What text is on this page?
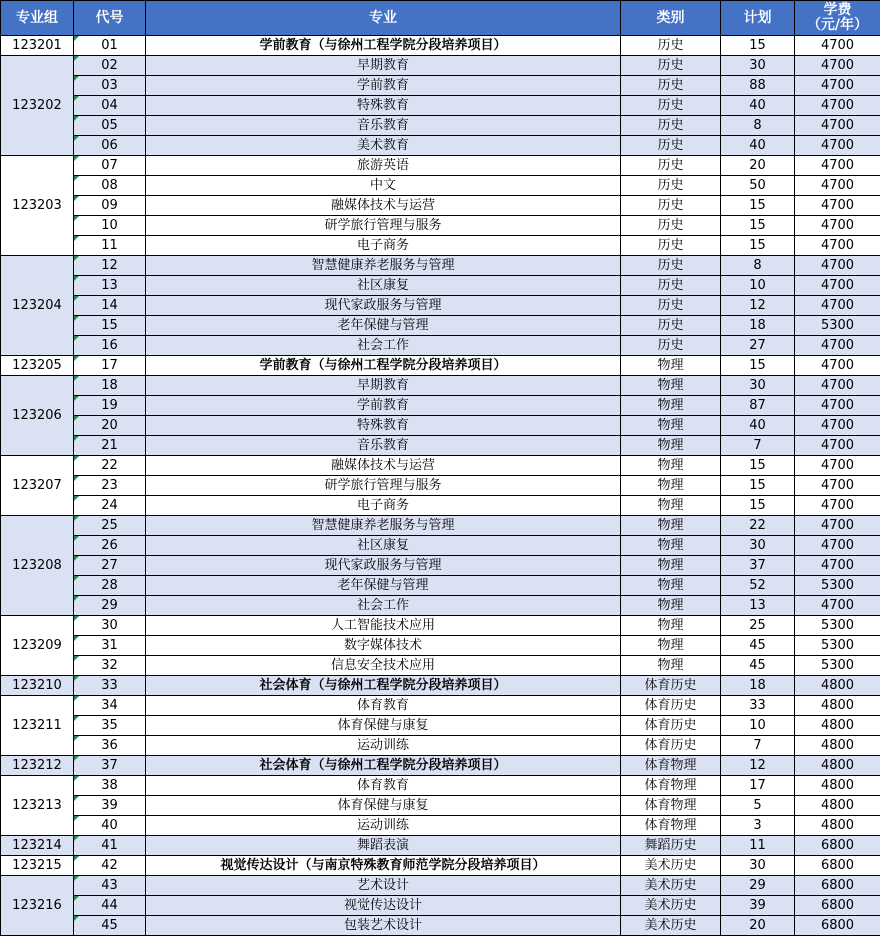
专业组	代号	专业	类别	计划	学费
（元/年）
123201	01	学前教育（与徐州工程学院分段培养项目）	历史	15	4700
123202	02	早期教育	历史	30	4700
	03	学前教育	历史	88	4700
	04	特殊教育	历史	40	4700
	05	音乐教育	历史	8	4700
	06	美术教育	历史	40	4700
123203	07	旅游英语	历史	20	4700
	08	中文	历史	50	4700
	09	融媒体技术与运营	历史	15	4700
	10	研学旅行管理与服务	历史	15	4700
	11	电子商务	历史	15	4700
123204	12	智慧健康养老服务与管理	历史	8	4700
	13	社区康复	历史	10	4700
	14	现代家政服务与管理	历史	12	4700
	15	老年保健与管理	历史	18	5300
	16	社会工作	历史	27	4700
123205	17	学前教育（与徐州工程学院分段培养项目）	物理	15	4700
123206	18	早期教育	物理	30	4700
	19	学前教育	物理	87	4700
	20	特殊教育	物理	40	4700
	21	音乐教育	物理	7	4700
123207	22	融媒体技术与运营	物理	15	4700
	23	研学旅行管理与服务	物理	15	4700
	24	电子商务	物理	15	4700
123208	25	智慧健康养老服务与管理	物理	22	4700
	26	社区康复	物理	30	4700
	27	现代家政服务与管理	物理	37	4700
	28	老年保健与管理	物理	52	5300
	29	社会工作	物理	13	4700
123209	30	人工智能技术应用	物理	25	5300
	31	数字媒体技术	物理	45	5300
	32	信息安全技术应用	物理	45	5300
123210	33	社会体育（与徐州工程学院分段培养项目）	体育历史	18	4800
123211	34	体育教育	体育历史	33	4800
	35	体育保健与康复	体育历史	10	4800
	36	运动训练	体育历史	7	4800
123212	37	社会体育（与徐州工程学院分段培养项目）	体育物理	12	4800
123213	38	体育教育	体育物理	17	4800
	39	体育保健与康复	体育物理	5	4800
	40	运动训练	体育物理	3	4800
123214	41	舞蹈表演	舞蹈历史	11	6800
123215	42	视觉传达设计（与南京特殊教育师范学院分段培养项目）	美术历史	30	6800
123216	43	艺术设计	美术历史	29	6800
	44	视觉传达设计	美术历史	39	6800
	45	包装艺术设计	美术历史	20	6800
